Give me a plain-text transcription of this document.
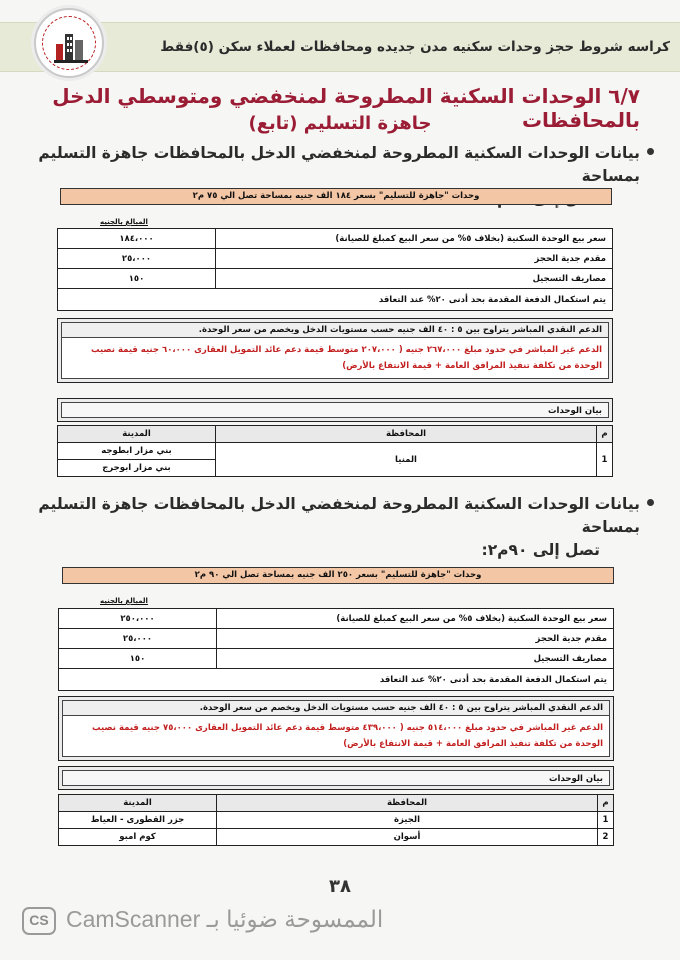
كراسه شروط حجز وحدات سكنيه مدن جديده ومحافظات لعملاء سكن (٥)فقط
٦/٧ الوحدات السكنية المطروحة لمنخفضي ومتوسطي الدخل بالمحافظات
جاهزة التسليم (تابع)
بيانات الوحدات السكنية المطروحة لمنخفضي الدخل بالمحافظات جاهزة التسليم بمساحة
وحدات "جاهزة للتسليم" بسعر ١٨٤ الف جنيه بمساحة تصل الي ٧٥ م٢
المبالغ بالجنيه
سعر بيع الوحدة السكنية (بخلاف ٥% من سعر البيع كمبلغ للصيانة)	١٨٤،٠٠٠
مقدم جدية الحجز	٢٥،٠٠٠
مصاريف التسجيل	١٥٠
يتم استكمال الدفعة المقدمة بحد أدنى ٢٠% عند التعاقد	
الدعم النقدي المباشر يتراوح بين ٥ : ٤٠ الف جنيه حسب مستويات الدخل ويخصم من سعر الوحدة.
الدعم غير المباشر في حدود مبلغ ٢٦٧،٠٠٠ جنيه ( ٢٠٧،٠٠٠ متوسط قيمة دعم عائد التمويل العقارى ٦٠،٠٠٠ جنيه قيمة نصيب الوحدة من تكلفة تنفيذ المرافق العامة + قيمة الانتفاع بالأرض)
بيان الوحدات
م	المحافظة	المدينة
1	المنيا	بني مزار ابطوجه
		بني مزار ابوجرج
بيانات الوحدات السكنية المطروحة لمنخفضي الدخل بالمحافظات جاهزة التسليم بمساحة
تصل إلى ٩٠م٢:
وحدات "جاهزة للتسليم" بسعر ٢٥٠ الف جنيه بمساحة تصل الي ٩٠ م٢
المبالغ بالجنيه
سعر بيع الوحدة السكنية (بخلاف ٥% من سعر البيع كمبلغ للصيانة)	٢٥٠،٠٠٠
مقدم جدية الحجز	٢٥،٠٠٠
مصاريف التسجيل	١٥٠
يتم استكمال الدفعة المقدمة بحد أدنى ٢٠% عند التعاقد	
الدعم النقدي المباشر يتراوح بين ٥ : ٤٠ الف جنيه حسب مستويات الدخل ويخصم من سعر الوحدة.
الدعم غير المباشر في حدود مبلغ ٥١٤،٠٠٠ جنيه ( ٤٣٩،٠٠٠ متوسط قيمة دعم عائد التمويل العقارى ٧٥،٠٠٠ جنيه قيمة نصيب الوحدة من تكلفة تنفيذ المرافق العامة + قيمة الانتفاع بالأرض)
بيان الوحدات
م	المحافظة	المدينة
1	الجيزة	جزر القطورى - العياط
2	أسوان	كوم امبو
٣٨
CS CamScanner الممسوحة ضوئيا بـ
